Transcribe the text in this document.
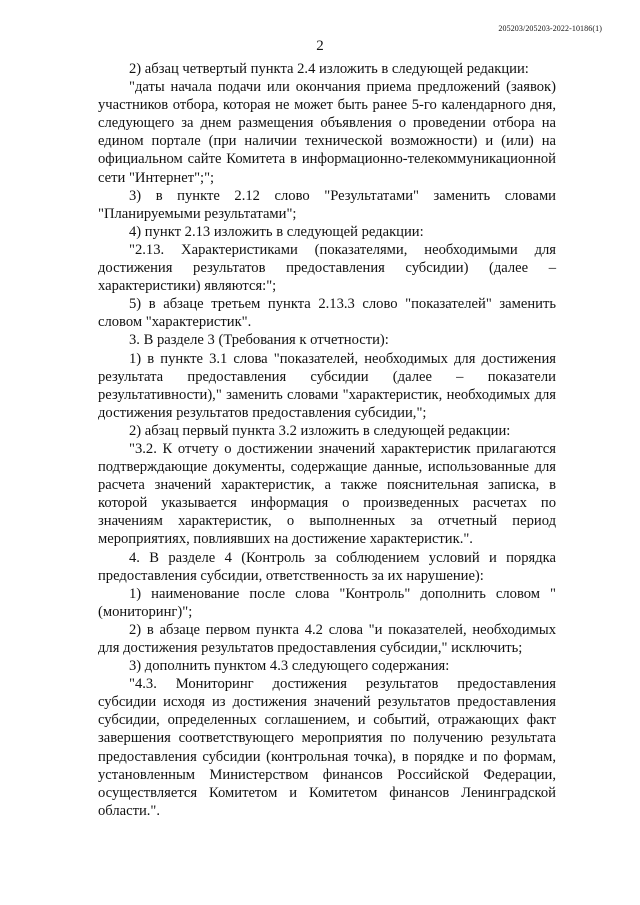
205203/205203-2022-10186(1)
2

2) абзац четвертый пункта 2.4 изложить в следующей редакции:

"даты начала подачи или окончания приема предложений (заявок) участников отбора, которая не может быть ранее 5-го календарного дня, следующего за днем размещения объявления о проведении отбора на едином портале (при наличии технической возможности) и (или) на официальном сайте Комитета в информационно-телекоммуникационной сети "Интернет";";

3) в пункте 2.12 слово "Результатами" заменить словами "Планируемыми результатами";

4) пункт 2.13 изложить в следующей редакции:

"2.13. Характеристиками (показателями, необходимыми для достижения результатов предоставления субсидии) (далее – характеристики) являются:";

5) в абзаце третьем пункта 2.13.3 слово "показателей" заменить словом "характеристик".

3. В разделе 3 (Требования к отчетности):

1) в пункте 3.1 слова "показателей, необходимых для достижения результата предоставления субсидии (далее – показатели результативности)," заменить словами "характеристик, необходимых для достижения результатов предоставления субсидии,";

2) абзац первый пункта 3.2 изложить в следующей редакции:

"3.2. К отчету о достижении значений характеристик прилагаются подтверждающие документы, содержащие данные, использованные для расчета значений характеристик, а также пояснительная записка, в которой указывается информация о произведенных расчетах по значениям характеристик, о выполненных за отчетный период мероприятиях, повлиявших на достижение характеристик.".

4. В разделе 4 (Контроль за соблюдением условий и порядка предоставления субсидии, ответственность за их нарушение):

1) наименование после слова "Контроль" дополнить словом "(мониторинг)";

2) в абзаце первом пункта 4.2 слова "и показателей, необходимых для достижения результатов предоставления субсидии," исключить;

3) дополнить пунктом 4.3 следующего содержания:

"4.3. Мониторинг достижения результатов предоставления субсидии исходя из достижения значений результатов предоставления субсидии, определенных соглашением, и событий, отражающих факт завершения соответствующего мероприятия по получению результата предоставления субсидии (контрольная точка), в порядке и по формам, установленным Министерством финансов Российской Федерации, осуществляется Комитетом и Комитетом финансов Ленинградской области.".
